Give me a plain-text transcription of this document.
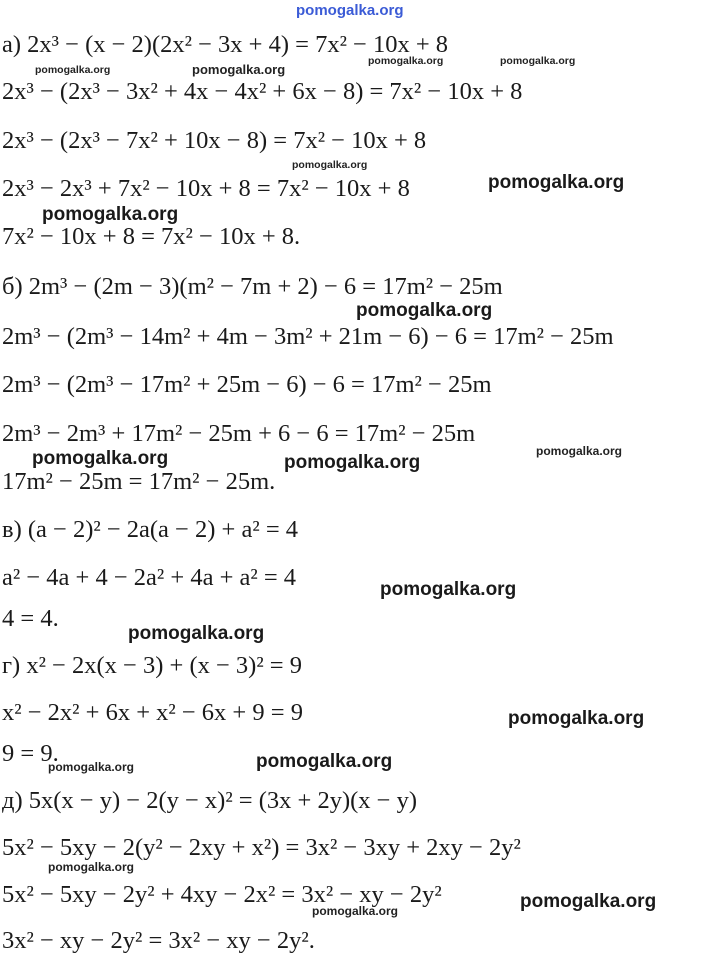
а) 2x³ − (x − 2)(2x² − 3x + 4) = 7x² − 10x + 8
2x³ − (2x³ − 3x² + 4x − 4x² + 6x − 8) = 7x² − 10x + 8
2x³ − (2x³ − 7x² + 10x − 8) = 7x² − 10x + 8
2x³ − 2x³ + 7x² − 10x + 8 = 7x² − 10x + 8
7x² − 10x + 8 = 7x² − 10x + 8.
б) 2m³ − (2m − 3)(m² − 7m + 2) − 6 = 17m² − 25m
2m³ − (2m³ − 14m² + 4m − 3m² + 21m − 6) − 6 = 17m² − 25m
2m³ − (2m³ − 17m² + 25m − 6) − 6 = 17m² − 25m
2m³ − 2m³ + 17m² − 25m + 6 − 6 = 17m² − 25m
17m² − 25m = 17m² − 25m.
в) (a − 2)² − 2a(a − 2) + a² = 4
a² − 4a + 4 − 2a² + 4a + a² = 4
4 = 4.
г) x² − 2x(x − 3) + (x − 3)² = 9
x² − 2x² + 6x + x² − 6x + 9 = 9
9 = 9.
д) 5x(x − y) − 2(y − x)² = (3x + 2y)(x − y)
5x² − 5xy − 2(y² − 2xy + x²) = 3x² − 3xy + 2xy − 2y²
5x² − 5xy − 2y² + 4xy − 2x² = 3x² − xy − 2y²
3x² − xy − 2y² = 3x² − xy − 2y².
pomogalka.org
pomogalka.org	pomogalka.org
pomogalka.org	pomogalka.org
pomogalka.org
pomogalka.org
pomogalka.org
pomogalka.org
pomogalka.org	pomogalka.org
pomogalka.org
pomogalka.org
pomogalka.org
pomogalka.org
pomogalka.org	pomogalka.org
pomogalka.org
pomogalka.org	pomogalka.org
